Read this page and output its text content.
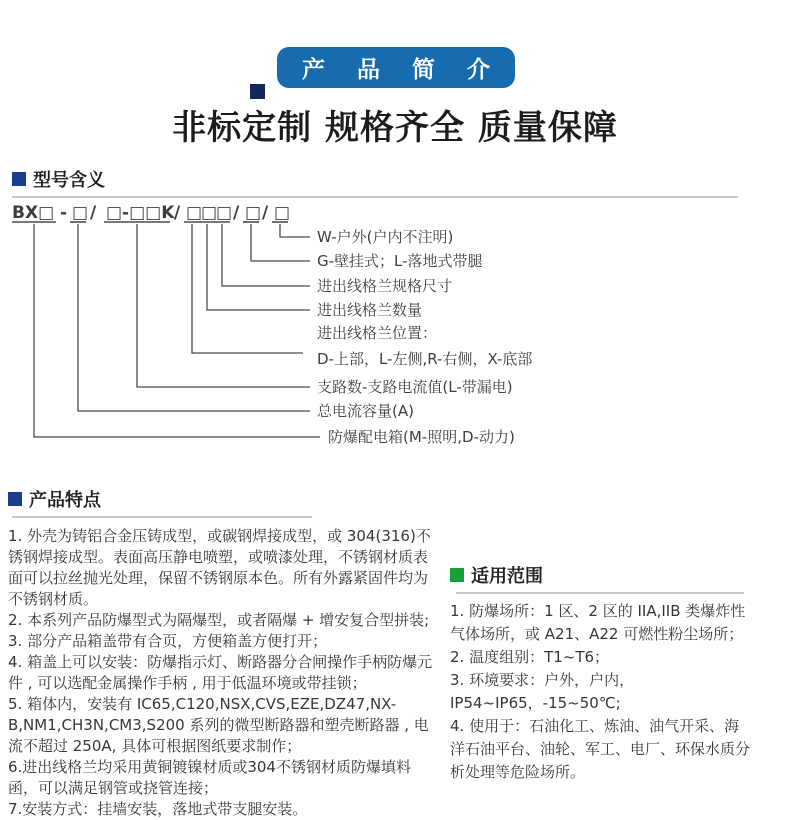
产 品 简 介
非标定制 规格齐全 质量保障
型号含义
BX□ - □ / □-□□K / □
□
□ / □ / □
W-户外(户内不注明)
G-壁挂式；L-落地式带腿
进出线格兰规格尺寸
进出线格兰数量
进出线格兰位置：
D-上部，L-左侧,R-右侧，X-底部
支路数-支路电流值(L-带漏电)
总电流容量(A)
防爆配电箱(M-照明,D-动力)
产品特点

1. 外壳为铸铝合金压铸成型，或碳钢焊接成型，或 304(316)不锈钢焊接成型。表面高压静电喷塑，或喷漆处理，不锈钢材质表面可以拉丝抛光处理，保留不锈钢原本色。所有外露紧固件均为不锈钢材质。

2. 本系列产品防爆型式为隔爆型，或者隔爆 + 增安复合型拼装;

3. 部分产品箱盖带有合页，方便箱盖方便打开；

4. 箱盖上可以安装：防爆指示灯、断路器分合闸操作手柄防爆元件 , 可以选配金属操作手柄 , 用于低温环境或带挂锁；

5. 箱体内，安装有 IC65,C120,NSX,CVS,EZE,DZ47,NX-B,NM1,CH3N,CM3,S200 系列的微型断路器和塑壳断路器 , 电流不超过 250A, 具体可根据图纸要求制作；

6.进出线格兰均采用黄铜镀镍材质或304不锈钢材质防爆填料函，可以满足钢管或挠管连接；

7.安装方式：挂墙安装，落地式带支腿安装。

适用范围

1. 防爆场所：1 区、2 区的 IIA,IIB 类爆炸性气体场所，或 A21、A22 可燃性粉尘场所；

2. 温度组别：T1~T6；

3. 环境要求：户外，户内，IP54~IP65，-15~50℃;

4. 使用于：石油化工、炼油、油气开采、海洋石油平台、油轮、军工、电厂、环保水质分析处理等危险场所。
